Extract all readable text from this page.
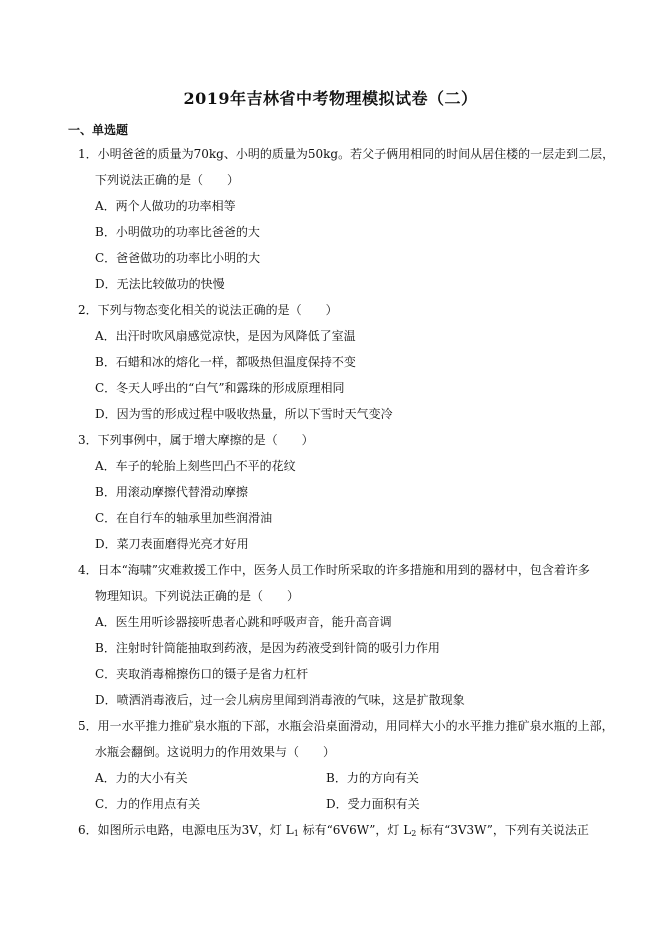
2019年吉林省中考物理模拟试卷（二）
一、单选题
1．小明爸爸的质量为70kg、小明的质量为50kg。若父子俩用相同的时间从居住楼的一层走到二层，
下列说法正确的是（　　）
A．两个人做功的功率相等
B．小明做功的功率比爸爸的大
C．爸爸做功的功率比小明的大
D．无法比较做功的快慢
2．下列与物态变化相关的说法正确的是（　　）
A．出汗时吹风扇感觉凉快，是因为风降低了室温
B．石蜡和冰的熔化一样，都吸热但温度保持不变
C．冬天人呼出的“白气”和露珠的形成原理相同
D．因为雪的形成过程中吸收热量，所以下雪时天气变冷
3．下列事例中，属于增大摩擦的是（　　）
A．车子的轮胎上刻些凹凸不平的花纹
B．用滚动摩擦代替滑动摩擦
C．在自行车的轴承里加些润滑油
D．菜刀表面磨得光亮才好用
4．日本“海啸”灾难救援工作中，医务人员工作时所采取的许多措施和用到的器材中，包含着许多
物理知识。下列说法正确的是（　　）
A．医生用听诊器接听患者心跳和呼吸声音，能升高音调
B．注射时针筒能抽取到药液，是因为药液受到针筒的吸引力作用
C．夹取消毒棉擦伤口的镊子是省力杠杆
D．喷洒消毒液后，过一会儿病房里闻到消毒液的气味，这是扩散现象
5．用一水平推力推矿泉水瓶的下部，水瓶会沿桌面滑动，用同样大小的水平推力推矿泉水瓶的上部，
水瓶会翻倒。这说明力的作用效果与（　　）
A．力的大小有关	B．力的方向有关
C．力的作用点有关	D．受力面积有关
6．如图所示电路，电源电压为3V，灯 $L_1$ 标有“6V6W”，灯 $L_2$ 标有“3V3W”，下列有关说法正
